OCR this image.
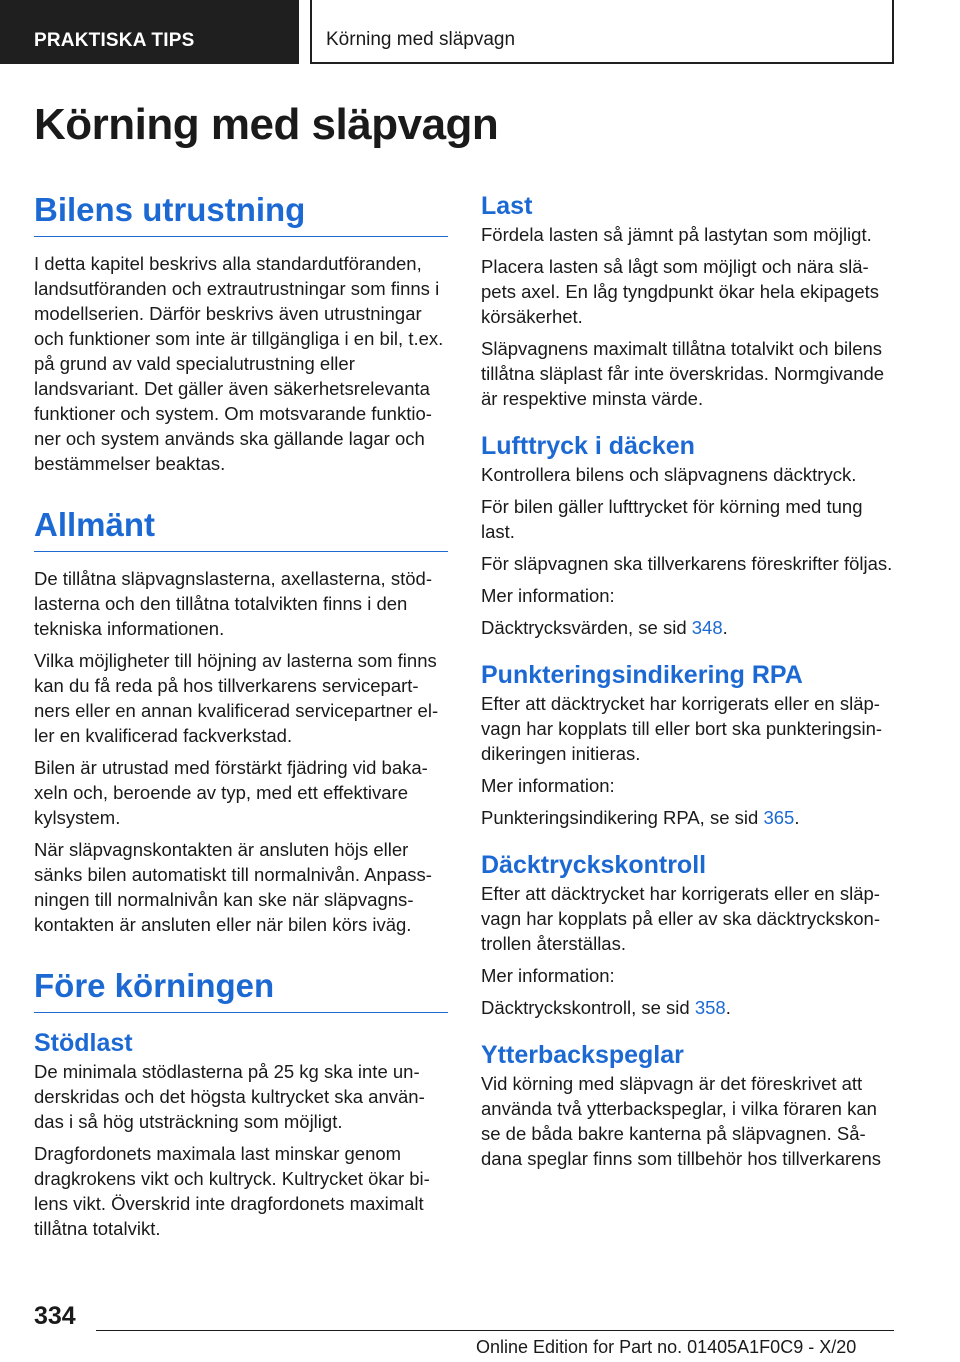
PRAKTISKA TIPS	Körning med släpvagn
Körning med släpvagn
Bilens utrustning

I detta kapitel beskrivs alla standardutföranden, landsutföranden och extrautrustningar som finns i modellserien. Därför beskrivs även utrustningar och funktioner som inte är tillgängliga i en bil, t.ex. på grund av vald specialutrustning eller landsvariant. Det gäller även säkerhetsrelevanta funktioner och system. Om motsvarande funktioner och system används ska gällande lagar och bestämmelser beaktas.

Allmänt

De tillåtna släpvagnslasterna, axellasterna, stödlasterna och den tillåtna totalvikten finns i den tekniska informationen.

Vilka möjligheter till höjning av lasterna som finns kan du få reda på hos tillverkarens servicepartners eller en annan kvalificerad servicepartner eller en kvalificerad fackverkstad.

Bilen är utrustad med förstärkt fjädring vid bakaxeln och, beroende av typ, med ett effektivare kylsystem.

När släpvagnskontakten är ansluten höjs eller sänks bilen automatiskt till normalnivån. Anpassningen till normalnivån kan ske när släpvagnskontakten är ansluten eller när bilen körs iväg.

Före körningen
Stödlast

De minimala stödlasterna på 25 kg ska inte underskridas och det högsta kultrycket ska användas i så hög utsträckning som möjligt.

Dragfordonets maximala last minskar genom dragkrokens vikt och kultryck. Kultrycket ökar bilens vikt. Överskrid inte dragfordonets maximalt tillåtna totalvikt.

Last

Fördela lasten så jämnt på lastytan som möjligt.

Placera lasten så lågt som möjligt och nära släpets axel. En låg tyngdpunkt ökar hela ekipagets körsäkerhet.

Släpvagnens maximalt tillåtna totalvikt och bilens tillåtna släplast får inte överskridas. Normgivande är respektive minsta värde.

Lufttryck i däcken

Kontrollera bilens och släpvagnens däcktryck.

För bilen gäller lufttrycket för körning med tung last.

För släpvagnen ska tillverkarens föreskrifter följas.

Mer information:

Däcktrycksvärden, se sid 348.

Punkteringsindikering RPA

Efter att däcktrycket har korrigerats eller en släpvagn har kopplats till eller bort ska punkteringsindikeringen initieras.

Mer information:

Punkteringsindikering RPA, se sid 365.

Däcktryckskontroll

Efter att däcktrycket har korrigerats eller en släpvagn har kopplats på eller av ska däcktryckskontrollen återställas.

Mer information:

Däcktryckskontroll, se sid 358.

Ytterbackspeglar

Vid körning med släpvagn är det föreskrivet att använda två ytterbackspeglar, i vilka föraren kan se de båda bakre kanterna på släpvagnen. Sådana speglar finns som tillbehör hos tillverkarens

334
Online Edition for Part no. 01405A1F0C9 - X/20
